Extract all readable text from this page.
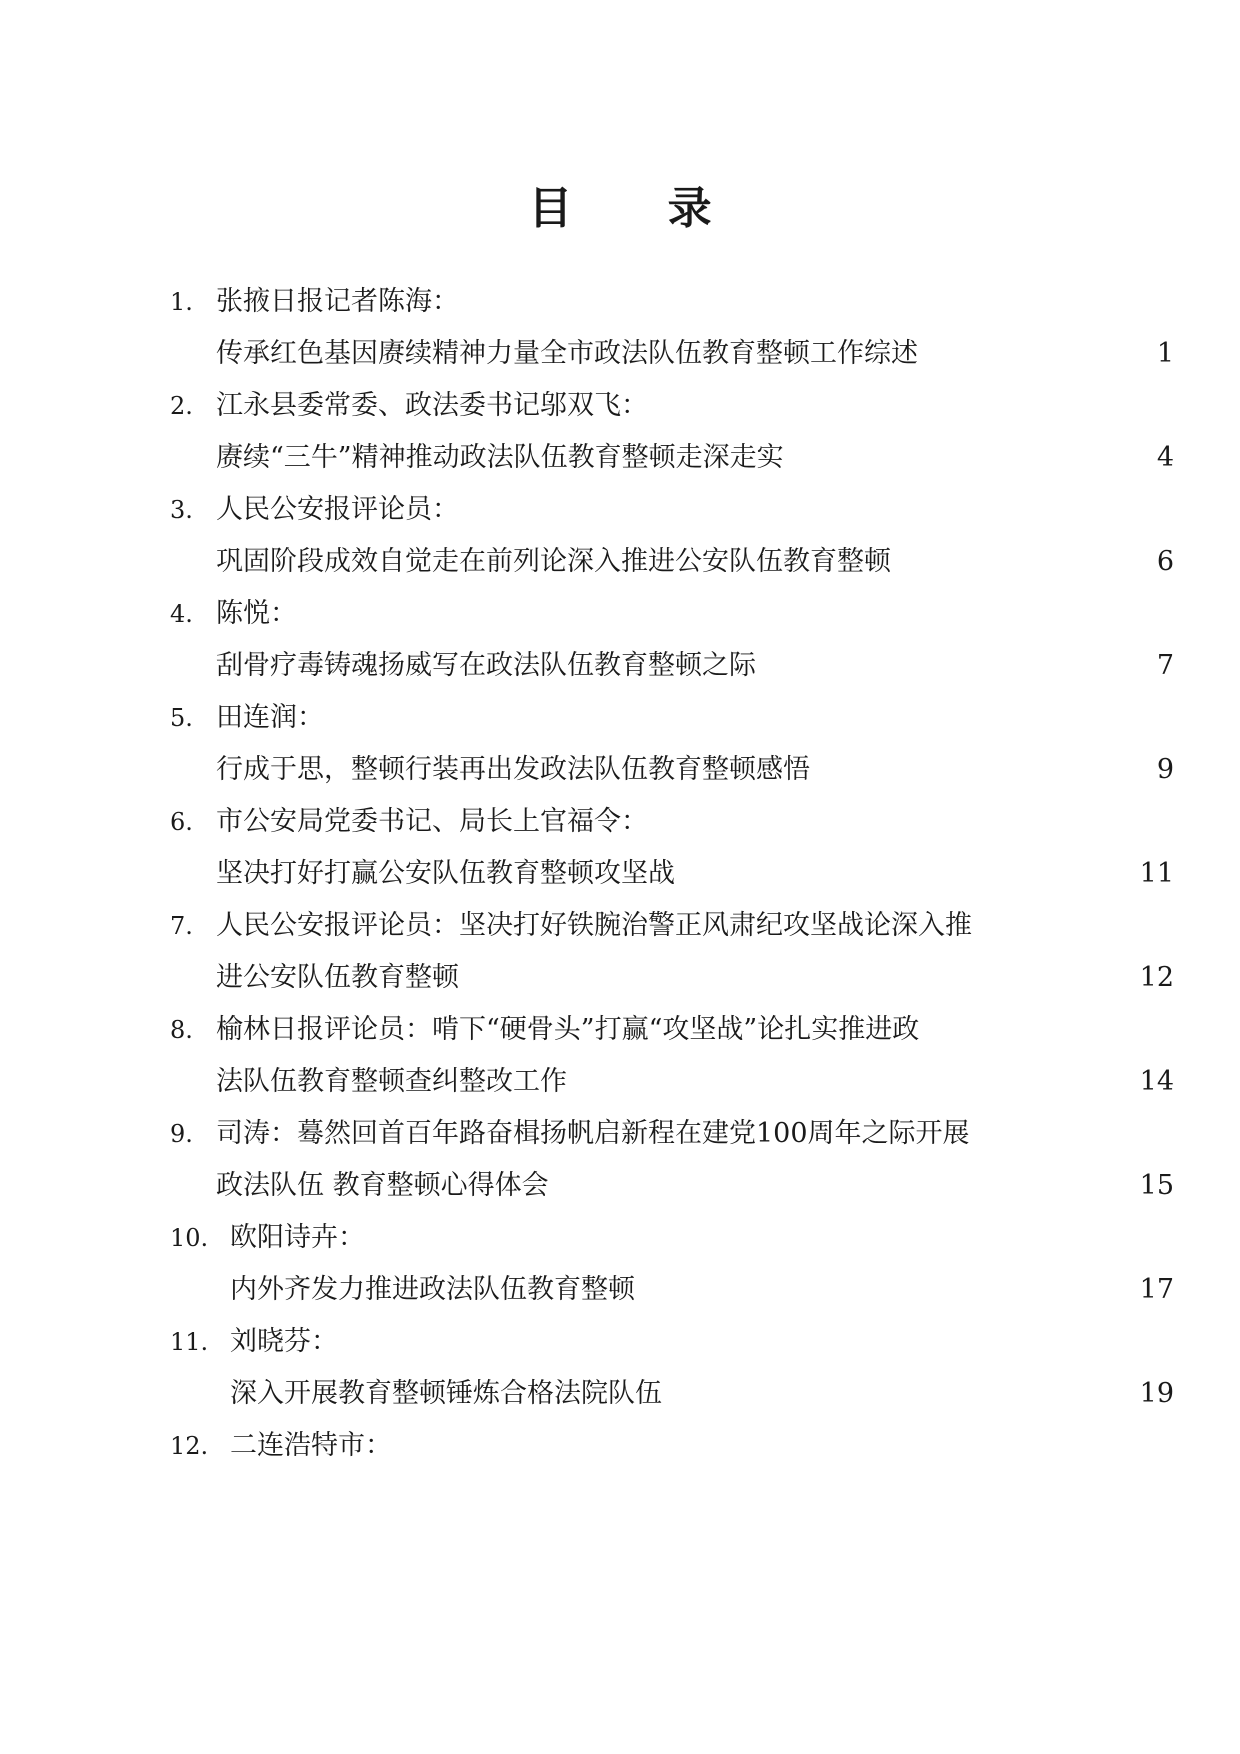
目 录
1. 张掖日报记者陈海：
传承红色基因赓续精神力量全市政法队伍教育整顿工作综述	1
2. 江永县委常委、政法委书记邬双飞：
赓续“三牛”精神推动政法队伍教育整顿走深走实	4
3. 人民公安报评论员：
巩固阶段成效自觉走在前列论深入推进公安队伍教育整顿	6
4. 陈悦：
刮骨疗毒铸魂扬威写在政法队伍教育整顿之际	7
5. 田连润：
行成于思，整顿行装再出发政法队伍教育整顿感悟	9
6. 市公安局党委书记、局长上官福令：
坚决打好打赢公安队伍教育整顿攻坚战	11
7. 人民公安报评论员：坚决打好铁腕治警正风肃纪攻坚战论深入推
进公安队伍教育整顿	12
8. 榆林日报评论员：啃下“硬骨头”打赢“攻坚战”论扎实推进政
法队伍教育整顿查纠整改工作	14
9. 司涛：蓦然回首百年路奋楫扬帆启新程在建党100周年之际开展
政法队伍 教育整顿心得体会	15
10. 欧阳诗卉：
内外齐发力推进政法队伍教育整顿	17
11. 刘晓芬：
深入开展教育整顿锤炼合格法院队伍	19
12. 二连浩特市：
